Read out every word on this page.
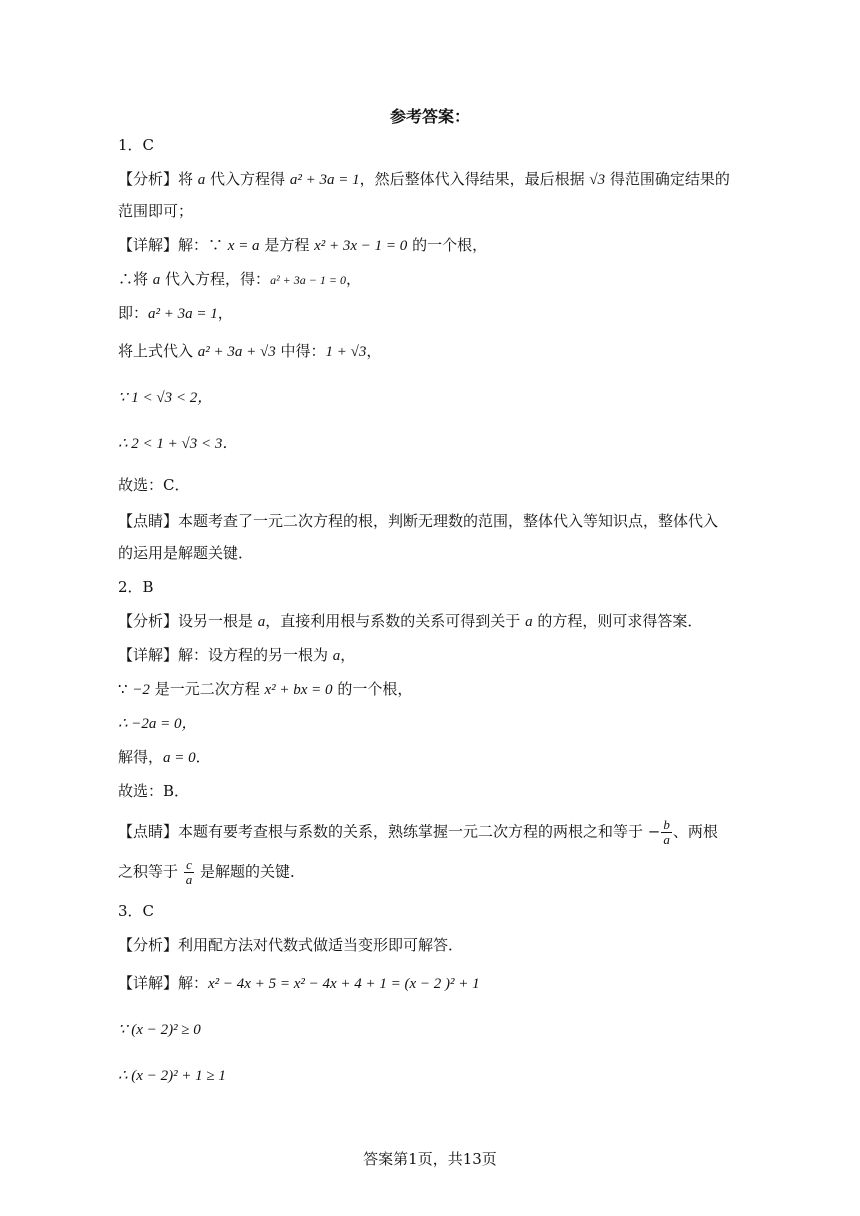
参考答案：
1．C
【分析】将 a 代入方程得 a² + 3a = 1，然后整体代入得结果，最后根据 √3 得范围确定结果的
范围即可；
【详解】解：∵ x = a 是方程 x² + 3x − 1 = 0 的一个根，
∴将 a 代入方程，得：a² + 3a − 1 = 0，
即：a² + 3a = 1，
将上式代入 a² + 3a + √3 中得：1 + √3，
∵ 1 < √3 < 2，
∴ 2 < 1 + √3 < 3．
故选：C．
【点睛】本题考查了一元二次方程的根，判断无理数的范围，整体代入等知识点，整体代入
的运用是解题关键．
2．B
【分析】设另一根是 a，直接利用根与系数的关系可得到关于 a 的方程，则可求得答案．
【详解】解：设方程的另一根为 a，
∵ −2 是一元二次方程 x² + bx = 0 的一个根，
∴ −2a = 0，
解得，a = 0．
故选：B．
【点睛】本题有要考查根与系数的关系，熟练掌握一元二次方程的两根之和等于 − $\frac{b}{a}$ 、两根
之积等于 $\frac{c}{a}$ 是解题的关键．
3．C
【分析】利用配方法对代数式做适当变形即可解答．
【详解】解：x² − 4x + 5 = x² − 4x + 4 + 1 = (x − 2 )² + 1
∵ (x − 2)² ≥ 0
∴ (x − 2)² + 1 ≥ 1
答案第1页，共13页
